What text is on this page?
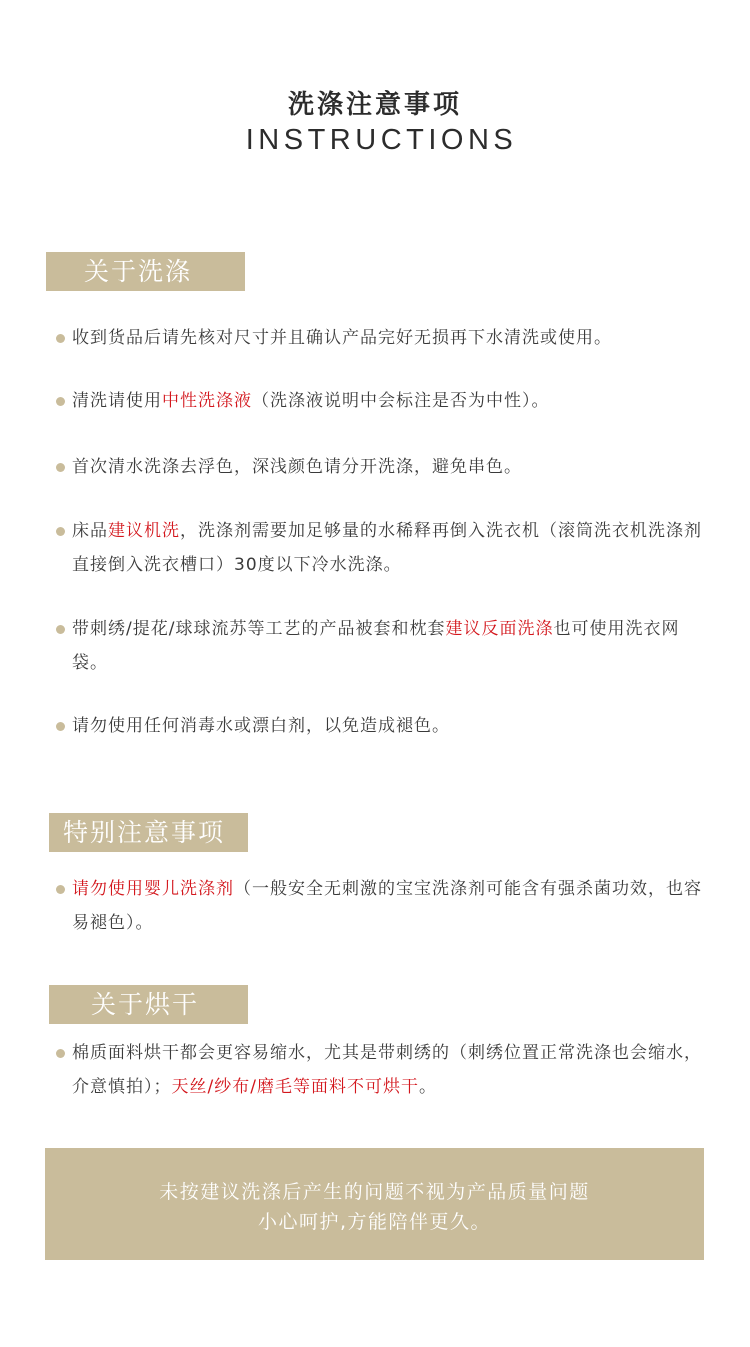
洗涤注意事项
INSTRUCTIONS
关于洗涤
收到货品后请先核对尺寸并且确认产品完好无损再下水清洗或使用。
清洗请使用中性洗涤液（洗涤液说明中会标注是否为中性）。
首次清水洗涤去浮色，深浅颜色请分开洗涤，避免串色。
床品建议机洗，洗涤剂需要加足够量的水稀释再倒入洗衣机（滚筒洗衣机洗涤剂直接倒入洗衣槽口）30度以下冷水洗涤。
带刺绣/提花/球球流苏等工艺的产品被套和枕套建议反面洗涤也可使用洗衣网袋。
请勿使用任何消毒水或漂白剂，以免造成褪色。
特别注意事项
请勿使用婴儿洗涤剂（一般安全无刺激的宝宝洗涤剂可能含有强杀菌功效，也容易褪色）。
关于烘干
棉质面料烘干都会更容易缩水，尤其是带刺绣的（刺绣位置正常洗涤也会缩水，介意慎拍）；天丝/纱布/磨毛等面料不可烘干。
未按建议洗涤后产生的问题不视为产品质量问题
小心呵护,方能陪伴更久。
